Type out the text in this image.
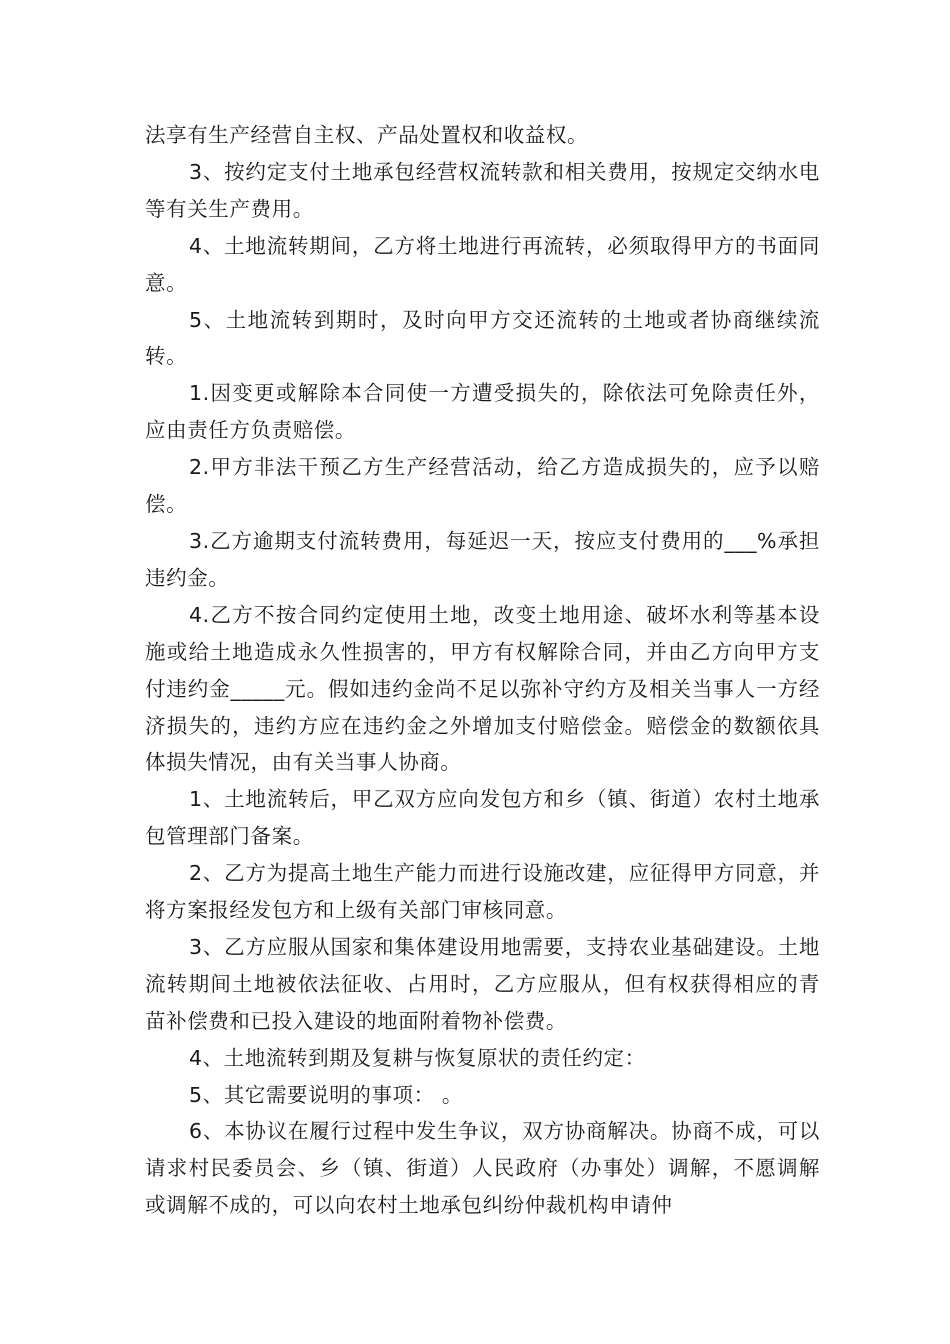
法享有生产经营自主权、产品处置权和收益权。

3、按约定支付土地承包经营权流转款和相关费用，按规定交纳水电等有关生产费用。

4、土地流转期间，乙方将土地进行再流转，必须取得甲方的书面同意。

5、土地流转到期时，及时向甲方交还流转的土地或者协商继续流转。

1.因变更或解除本合同使一方遭受损失的，除依法可免除责任外，应由责任方负责赔偿。

2.甲方非法干预乙方生产经营活动，给乙方造成损失的，应予以赔偿。

3.乙方逾期支付流转费用，每延迟一天，按应支付费用的___%承担违约金。

4.乙方不按合同约定使用土地，改变土地用途、破坏水利等基本设施或给土地造成永久性损害的，甲方有权解除合同，并由乙方向甲方支付违约金_____元。假如违约金尚不足以弥补守约方及相关当事人一方经济损失的，违约方应在违约金之外增加支付赔偿金。赔偿金的数额依具体损失情况，由有关当事人协商。

1、土地流转后，甲乙双方应向发包方和乡（镇、街道）农村土地承包管理部门备案。

2、乙方为提高土地生产能力而进行设施改建，应征得甲方同意，并将方案报经发包方和上级有关部门审核同意。

3、乙方应服从国家和集体建设用地需要，支持农业基础建设。土地流转期间土地被依法征收、占用时，乙方应服从，但有权获得相应的青苗补偿费和已投入建设的地面附着物补偿费。

4、土地流转到期及复耕与恢复原状的责任约定：

5、其它需要说明的事项： 。

6、本协议在履行过程中发生争议，双方协商解决。协商不成，可以请求村民委员会、乡（镇、街道）人民政府（办事处）调解，不愿调解或调解不成的，可以向农村土地承包纠纷仲裁机构申请仲
